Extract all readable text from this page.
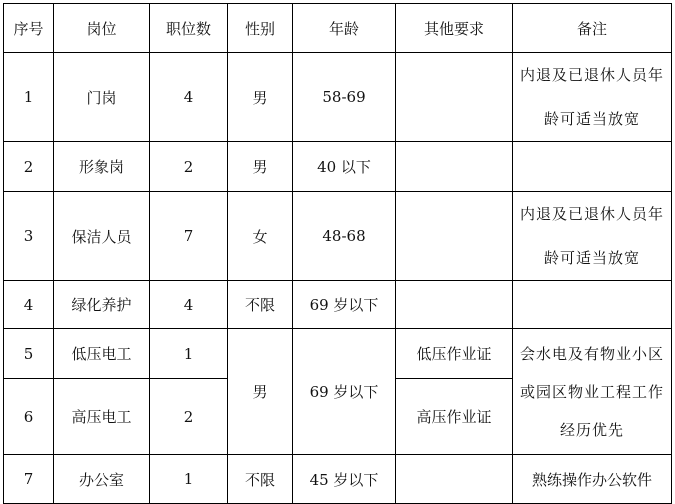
序号	岗位	职位数	性别	年龄	其他要求	备注
1	门岗	4	男	58-69		内退及已退休人员年
龄可适当放宽

2	形象岗	2	男	40 以下		
3	保洁人员	7	女	48-68		内退及已退休人员年
龄可适当放宽

4	绿化养护	4	不限	69 岁以下		
5	低压电工	1	男	69 岁以下	低压作业证	会水电及有物业小区
或园区物业工程工作
经历优先

6	高压电工	2			高压作业证	
7	办公室	1	不限	45 岁以下		熟练操作办公软件
